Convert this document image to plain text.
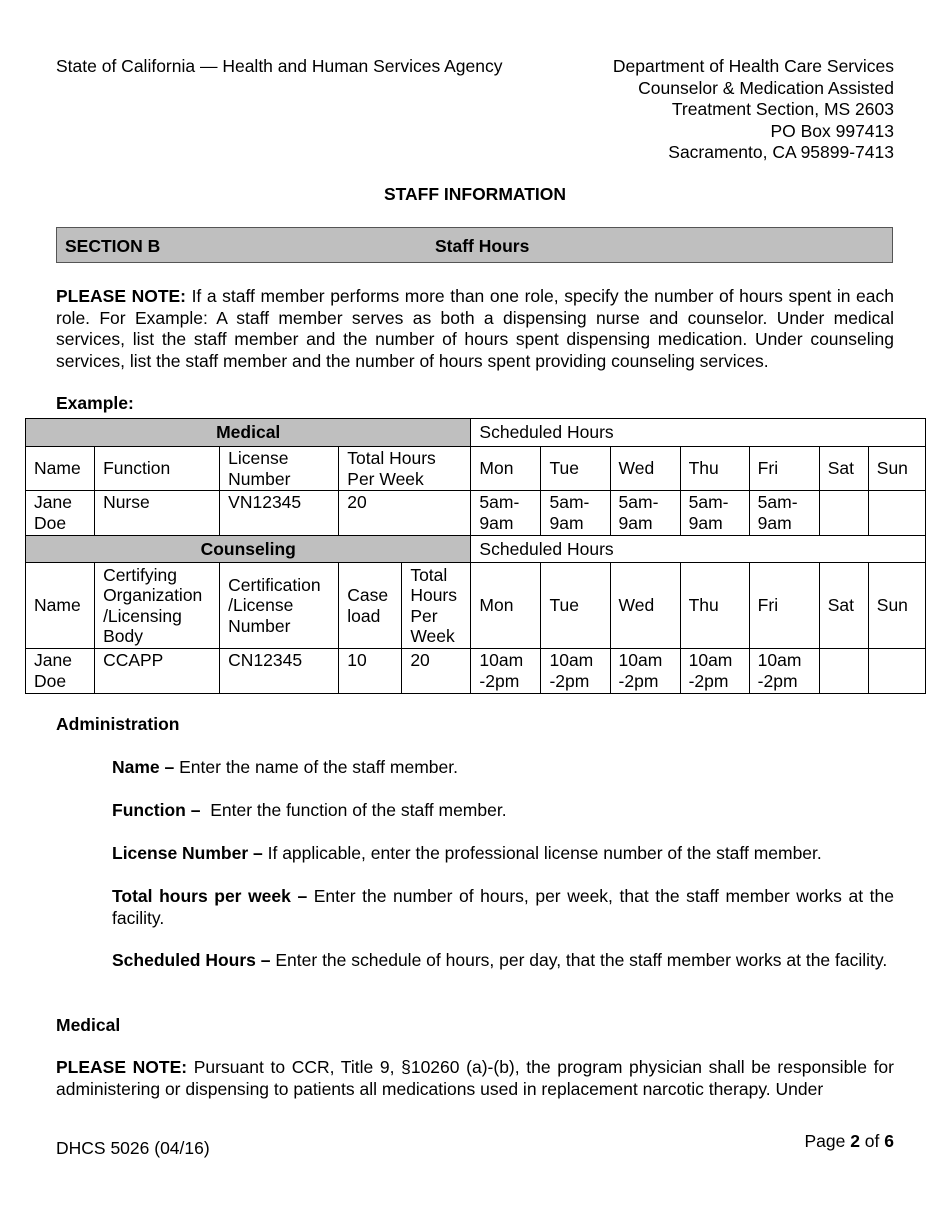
State of California — Health and Human Services Agency	Department of Health Care Services
Counselor & Medication Assisted
Treatment Section, MS 2603
PO Box 997413
Sacramento, CA 95899-7413
STAFF INFORMATION
SECTION B	Staff Hours
PLEASE NOTE: If a staff member performs more than one role, specify the number of hours spent in each role. For Example: A staff member serves as both a dispensing nurse and counselor. Under medical services, list the staff member and the number of hours spent dispensing medication. Under counseling services, list the staff member and the number of hours spent providing counseling services.
Example:
Medical					Scheduled Hours						
Name	Function	License Number	Total Hours Per Week		Mon	Tue	Wed	Thu	Fri	Sat	Sun
Jane Doe	Nurse	VN12345	20		5am-9am	5am-9am	5am-9am	5am-9am	5am-9am		
Counseling					Scheduled Hours						
Name	Certifying Organization /Licensing Body	Certification /License Number	Case load	Total Hours Per Week	Mon	Tue	Wed	Thu	Fri	Sat	Sun
Jane Doe	CCAPP	CN12345	10	20	10am -2pm	10am -2pm	10am -2pm	10am -2pm	10am -2pm		
Administration
Name – Enter the name of the staff member.
Function –  Enter the function of the staff member.
License Number – If applicable, enter the professional license number of the staff member.
Total hours per week – Enter the number of hours, per week, that the staff member works at the facility.
Scheduled Hours – Enter the schedule of hours, per day, that the staff member works at the facility.
Medical
PLEASE NOTE: Pursuant to CCR, Title 9, §10260 (a)-(b), the program physician shall be responsible for administering or dispensing to patients all medications used in replacement narcotic therapy. Under
DHCS 5026 (04/16)	Page 2 of 6
